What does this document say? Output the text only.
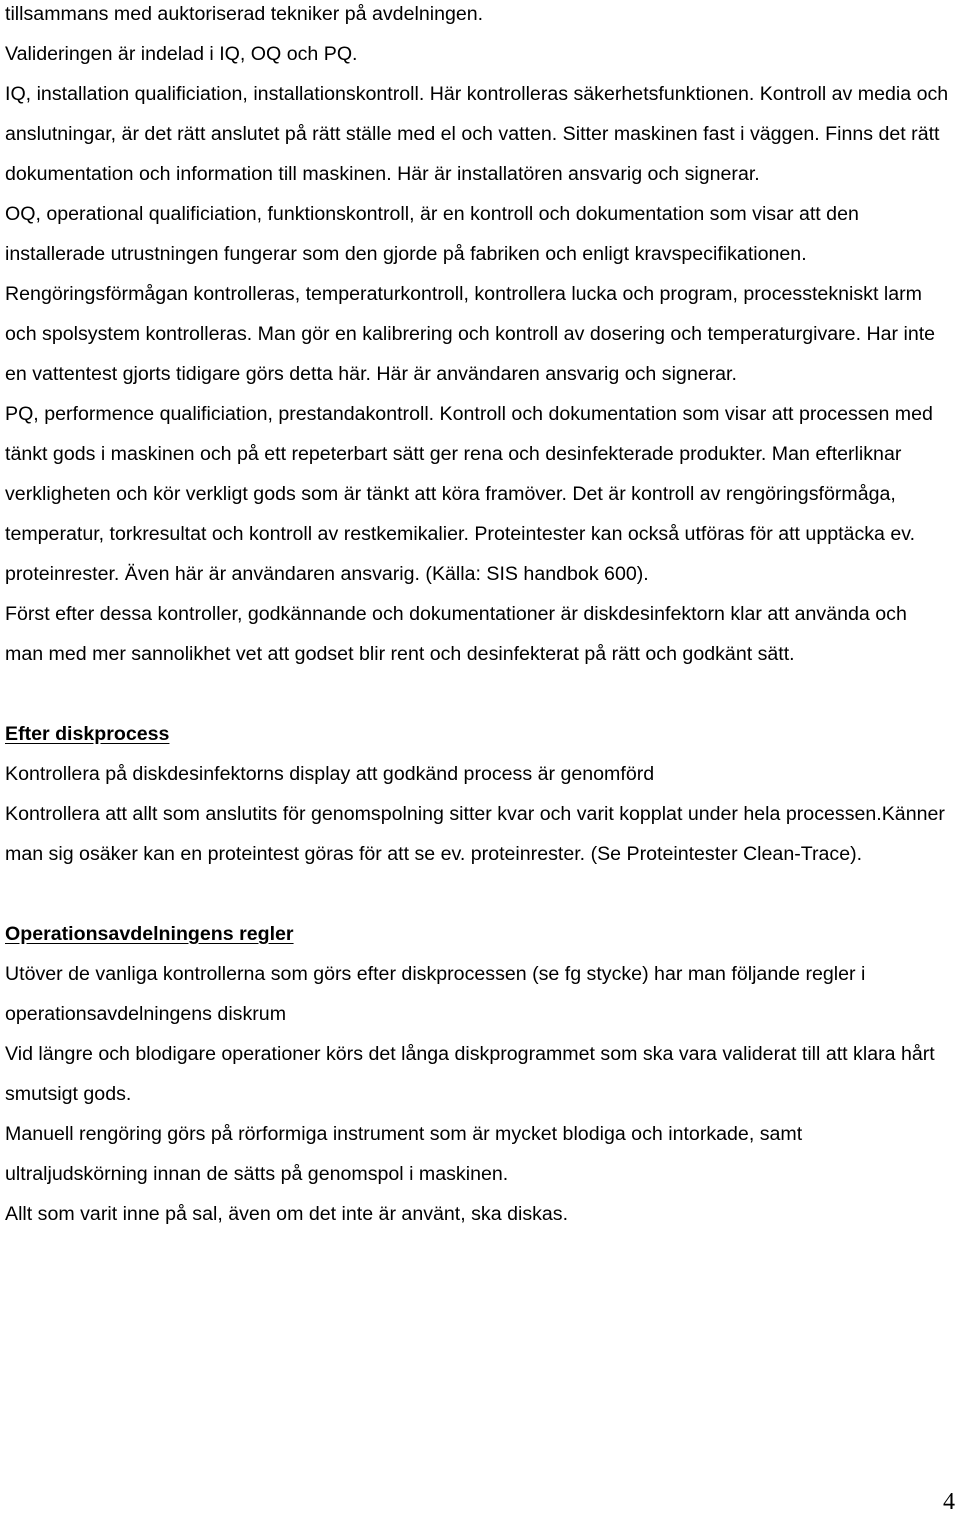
tillsammans med auktoriserad tekniker på avdelningen.

Valideringen är indelad i IQ, OQ och PQ.

IQ, installation qualificiation, installationskontroll. Här kontrolleras säkerhetsfunktionen. Kontroll av media och anslutningar, är det rätt anslutet på rätt ställe med el och vatten. Sitter maskinen fast i väggen. Finns det rätt dokumentation och information till maskinen. Här är installatören ansvarig och signerar.

OQ, operational qualificiation, funktionskontroll, är en kontroll och dokumentation som visar att den installerade utrustningen fungerar som den gjorde på fabriken och enligt kravspecifikationen. Rengöringsförmågan kontrolleras, temperaturkontroll, kontrollera lucka och program, processtekniskt larm och spolsystem kontrolleras. Man gör en kalibrering och kontroll av dosering och temperaturgivare. Har inte en vattentest gjorts tidigare görs detta här. Här är användaren ansvarig och signerar.

PQ, performence qualificiation, prestandakontroll. Kontroll och dokumentation som visar att processen med tänkt gods i maskinen och på ett repeterbart sätt ger rena och desinfekterade produkter. Man efterliknar verkligheten och kör verkligt gods som är tänkt att köra framöver. Det är kontroll av rengöringsförmåga, temperatur, torkresultat och kontroll av restkemikalier. Proteintester kan också utföras för att upptäcka ev. proteinrester. Även här är användaren ansvarig. (Källa: SIS handbok 600).

Först efter dessa kontroller, godkännande och dokumentationer är diskdesinfektorn klar att använda och man med mer sannolikhet vet att godset blir rent och desinfekterat på rätt och godkänt sätt.

Efter diskprocess

Kontrollera på diskdesinfektorns display att godkänd process är genomförd

Kontrollera att allt som anslutits för genomspolning sitter kvar och varit kopplat under hela processen.Känner man sig osäker kan en proteintest göras för att se ev. proteinrester. (Se Proteintester Clean-Trace).

Operationsavdelningens regler

Utöver de vanliga kontrollerna som görs efter diskprocessen (se fg stycke) har man följande regler i operationsavdelningens diskrum

Vid längre och blodigare operationer körs det långa diskprogrammet som ska vara validerat till att klara hårt smutsigt gods.

Manuell rengöring görs på rörformiga instrument som är mycket blodiga och intorkade, samt ultraljudskörning innan de sätts på genomspol i maskinen.

Allt som varit inne på sal, även om det inte är använt, ska diskas.

4
